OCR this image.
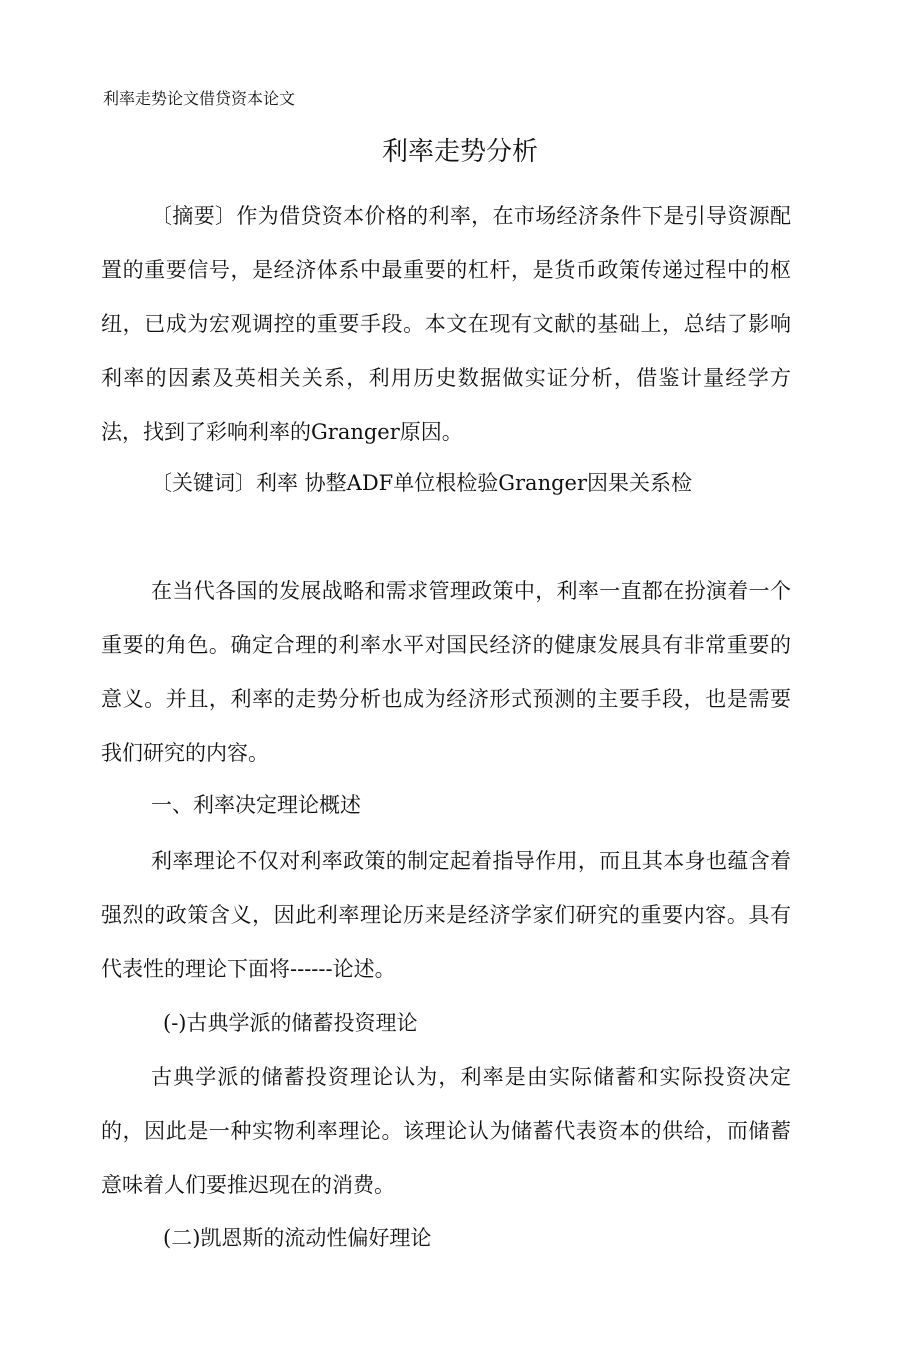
利率走势论文借贷资本论文
利率走势分析

〔摘要〕作为借贷资本价格的利率，在市场经济条件下是引导资源配置的重要信号，是经济体系中最重要的杠杆，是货币政策传递过程中的枢纽，已成为宏观调控的重要手段。本文在现有文献的基础上，总结了影响利率的因素及英相关关系，利用历史数据做实证分析，借鉴计量经学方法，找到了彩响利率的Granger原因。

〔关键词〕利率 协整ADF单位根检验Granger因果关系检

在当代各国的发展战略和需求管理政策中，利率一直都在扮演着一个重要的角色。确定合理的利率水平对国民经济的健康发展具有非常重要的意义。并且，利率的走势分析也成为经济形式预测的主要手段，也是需要我们研究的内容。

一、利率决定理论概述

利率理论不仅对利率政策的制定起着指导作用，而且其本身也蕴含着强烈的政策含义，因此利率理论历来是经济学家们研究的重要内容。具有代表性的理论下面将------论述。

(-)古典学派的储蓄投资理论

古典学派的储蓄投资理论认为，利率是由实际储蓄和实际投资决定的，因此是一种实物利率理论。该理论认为储蓄代表资本的供给，而储蓄意味着人们要推迟现在的消费。

(二)凯恩斯的流动性偏好理论
